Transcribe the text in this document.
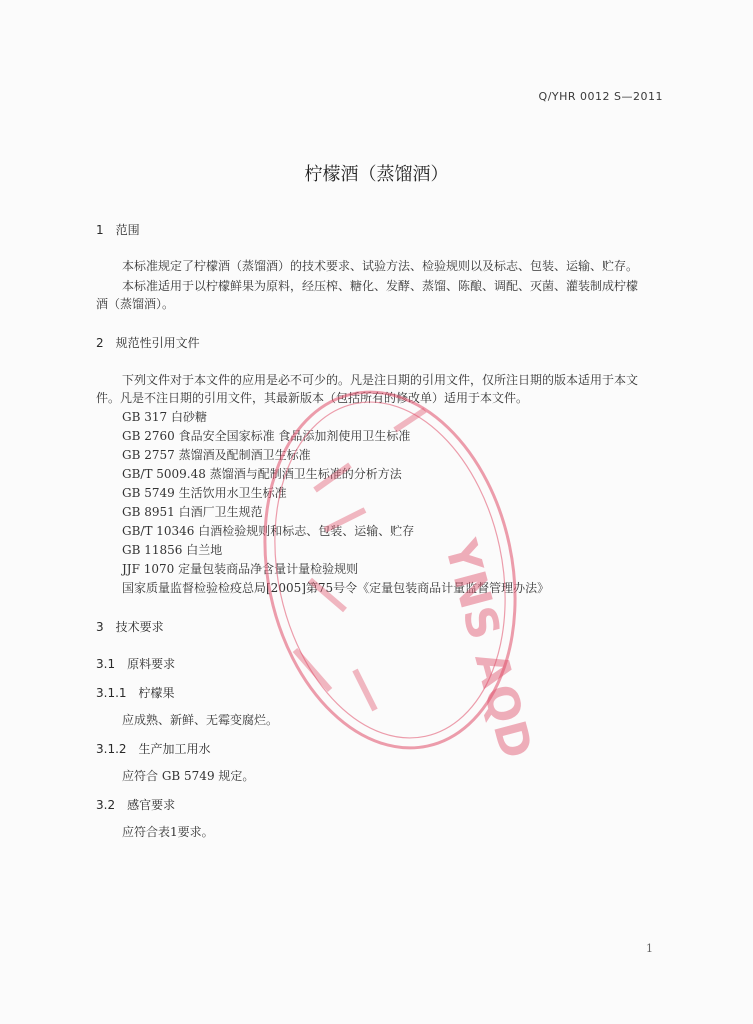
Q/YHR 0012 S—2011
柠檬酒（蒸馏酒）
1 范围
本标准规定了柠檬酒（蒸馏酒）的技术要求、试验方法、检验规则以及标志、包装、运输、贮存。
本标准适用于以柠檬鲜果为原料，经压榨、糖化、发酵、蒸馏、陈酿、调配、灭菌、灌装制成柠檬
酒（蒸馏酒）。
2 规范性引用文件
下列文件对于本文件的应用是必不可少的。凡是注日期的引用文件，仅所注日期的版本适用于本文
件。凡是不注日期的引用文件，其最新版本（包括所有的修改单）适用于本文件。
GB 317 白砂糖
GB 2760 食品安全国家标准 食品添加剂使用卫生标准
GB 2757 蒸馏酒及配制酒卫生标准
GB/T 5009.48 蒸馏酒与配制酒卫生标准的分析方法
GB 5749 生活饮用水卫生标准
GB 8951 白酒厂卫生规范
GB/T 10346 白酒检验规则和标志、包装、运输、贮存
GB 11856 白兰地
JJF 1070 定量包装商品净含量计量检验规则
国家质量监督检验检疫总局[2005]第75号令《定量包装商品计量监督管理办法》
3 技术要求
3.1 原料要求
3.1.1 柠檬果
应成熟、新鲜、无霉变腐烂。
3.1.2 生产加工用水
应符合 GB 5749 规定。
3.2 感官要求
应符合表1要求。
YNS AQD
1
